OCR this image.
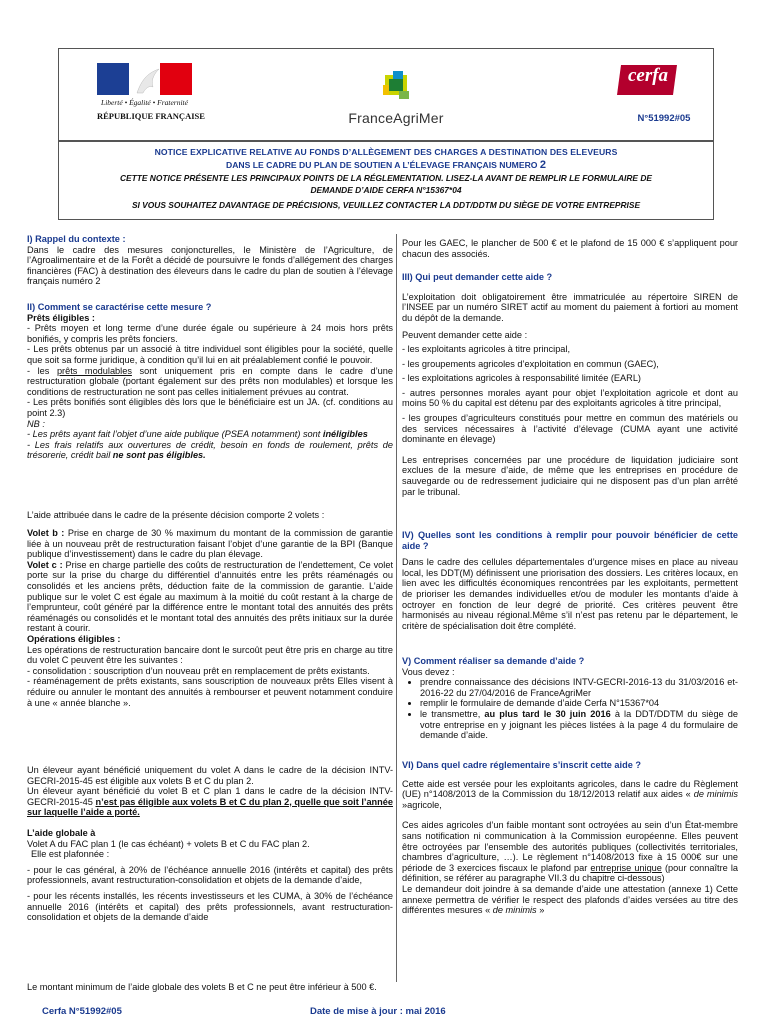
Liberté • Égalité • Fraternité
RÉPUBLIQUE FRANÇAISE	FranceAgriMer
cerfa
N°51992#05
NOTICE EXPLICATIVE RELATIVE AU FONDS D’ALLÈGEMENT DES CHARGES A DESTINATION DES ELEVEURS
DANS LE CADRE DU PLAN DE SOUTIEN A L’ÉLEVAGE FRANÇAIS NUMERO 2
CETTE NOTICE PRÉSENTE LES PRINCIPAUX POINTS DE LA RÉGLEMENTATION. LISEZ-LA AVANT DE REMPLIR LE FORMULAIRE DE
DEMANDE D’AIDE CERFA N°15367*04
SI VOUS SOUHAITEZ DAVANTAGE DE PRÉCISIONS, VEUILLEZ CONTACTER LA DDT/DDTM DU SIÈGE DE VOTRE ENTREPRISE
I) Rappel du contexte :

Dans le cadre des mesures conjoncturelles, le Ministère de l’Agriculture, de l’Agroalimentaire et de la Forêt a décidé de poursuivre le fonds d’allégement des charges financières (FAC) à destination des éleveurs dans le cadre du plan de soutien à l’élevage français numéro 2

II) Comment se caractérise cette mesure ?
Prêts éligibles :

- Prêts moyen et long terme d’une durée égale ou supérieure à 24 mois hors prêts bonifiés, y compris les prêts fonciers.

- Les prêts obtenus par un associé à titre individuel sont éligibles pour la société, quelle que soit sa forme juridique, à condition qu’il lui en ait préalablement confié le pouvoir.

- les prêts modulables sont uniquement pris en compte dans le cadre d’une restructuration globale (portant également sur des prêts non modulables) et lorsque les conditions de restructuration ne sont pas celles initialement prévues au contrat.

- Les prêts bonifiés sont éligibles dès lors que le bénéficiaire est un JA. (cf. conditions au point 2.3)

NB :

- Les prêts ayant fait l’objet d’une aide publique (PSEA notamment) sont inéligibles

- Les frais relatifs aux ouvertures de crédit, besoin en fonds de roulement, prêts de trésorerie, crédit bail ne sont pas éligibles.

L’aide attribuée dans le cadre de la présente décision comporte 2 volets :

Volet b : Prise en charge de 30 % maximum du montant de la commission de garantie liée à un nouveau prêt de restructuration faisant l’objet d’une garantie de la BPI (Banque publique d’investissement) dans le cadre du plan élevage.

Volet c : Prise en charge partielle des coûts de restructuration de l’endettement, Ce volet porte sur la prise du charge du différentiel d’annuités entre les prêts réaménagés ou consolidés et les anciens prêts, déduction faite de la commission de garantie. L’aide publique sur le volet C est égale au maximum à la moitié du coût restant à la charge de l’emprunteur, coût généré par la différence entre le montant total des annuités des prêts réaménagés ou consolidés et le montant total des annuités des prêts initiaux sur la durée restant à courir.

Opérations éligibles :

Les opérations de restructuration bancaire dont le surcoût peut être pris en charge au titre du volet C peuvent être les suivantes :

- consolidation : souscription d’un nouveau prêt en remplacement de prêts existants.

- réaménagement de prêts existants, sans souscription de nouveaux prêts Elles visent à réduire ou annuler le montant des annuités à rembourser et peuvent notamment conduire à une « année blanche ».

Un éleveur ayant bénéficié uniquement du volet A dans le cadre de la décision INTV-GECRI-2015-45 est éligible aux volets B et C du plan 2.

Un éleveur ayant bénéficié du volet B et C plan 1 dans le cadre de la décision INTV-GECRI-2015-45 n’est pas éligible aux volets B et C du plan 2, quelle que soit l’année sur laquelle l’aide a porté.

L’aide globale à

Volet A du FAC plan 1 (le cas échéant) + volets B et C du FAC plan 2.

Elle est plafonnée :

- pour le cas général, à 20% de l’échéance annuelle 2016 (intérêts et capital) des prêts professionnels, avant restructuration-consolidation et objets de la demande d’aide,

- pour les récents installés, les récents investisseurs et les CUMA, à 30% de l’échéance annuelle 2016 (intérêts et capital) des prêts professionnels, avant restructuration-consolidation et objets de la demande d’aide

Le montant minimum de l’aide globale des volets B et C ne peut être inférieur à 500 €.
Pour les GAEC, le plancher de 500 € et le plafond de 15 000 € s’appliquent pour chacun des associés.
III) Qui peut demander cette aide ?

L’exploitation doit obligatoirement être immatriculée au répertoire SIREN de l’INSEE par un numéro SIRET actif au moment du paiement à fortiori au moment du dépôt de la demande.

Peuvent demander cette aide :

- les exploitants agricoles à titre principal,

- les groupements agricoles d’exploitation en commun (GAEC),

- les exploitations agricoles à responsabilité limitée (EARL)

- autres personnes morales ayant pour objet l’exploitation agricole et dont au moins 50 % du capital est détenu par des exploitants agricoles à titre principal,

- les groupes d’agriculteurs constitués pour mettre en commun des matériels ou des services nécessaires à l’activité d’élevage (CUMA ayant une activité dominante en élevage)

Les entreprises concernées par une procédure de liquidation judiciaire sont exclues de la mesure d’aide, de même que les entreprises en procédure de sauvegarde ou de redressement judiciaire qui ne disposent pas d’un plan arrêté par le tribunal.

IV) Quelles sont les conditions à remplir pour pouvoir bénéficier de cette aide ?

Dans le cadre des cellules départementales d’urgence mises en place au niveau local, les DDT(M) définissent une priorisation des dossiers. Les critères locaux, en lien avec les difficultés économiques rencontrées par les exploitants, permettent de prioriser les demandes individuelles et/ou de moduler les montants d’aide à octroyer en fonction de leur degré de priorité. Ces critères peuvent être harmonisés au niveau régional.Même s’il n’est pas retenu par le département, le critère de spécialisation doit être complété.

V) Comment réaliser sa demande d’aide ?

Vous devez :

• prendre connaissance des décisions INTV-GECRI-2016-13 du 31/03/2016 et-2016-22 du 27/04/2016 de FranceAgriMer
• remplir le formulaire de demande d’aide Cerfa N°15367*04
• le transmettre, au plus tard le 30 juin 2016 à la DDT/DDTM du siège de votre entreprise en y joignant les pièces listées à la page 4 du formulaire de demande d’aide.
VI) Dans quel cadre réglementaire s’inscrit cette aide ?

Cette aide est versée pour les exploitants agricoles, dans le cadre du Règlement (UE) n°1408/2013 de la Commission du 18/12/2013 relatif aux aides « de minimis »agricole,

Ces aides agricoles d’un faible montant sont octroyées au sein d’un État-membre sans notification ni communication à la Commission européenne. Elles peuvent être octroyées par l’ensemble des autorités publiques (collectivités territoriales, chambres d’agriculture, …). Le règlement n°1408/2013 fixe à 15 000€ sur une période de 3 exercices fiscaux le plafond par entreprise unique (pour connaître la définition, se référer au paragraphe VII.3 du chapitre ci-dessous)

Le demandeur doit joindre à sa demande d’aide une attestation (annexe 1) Cette annexe permettra de vérifier le respect des plafonds d’aides versées au titre des différentes mesures « de minimis »

Cerfa N°51992#05	Date de mise à jour : mai 2016
